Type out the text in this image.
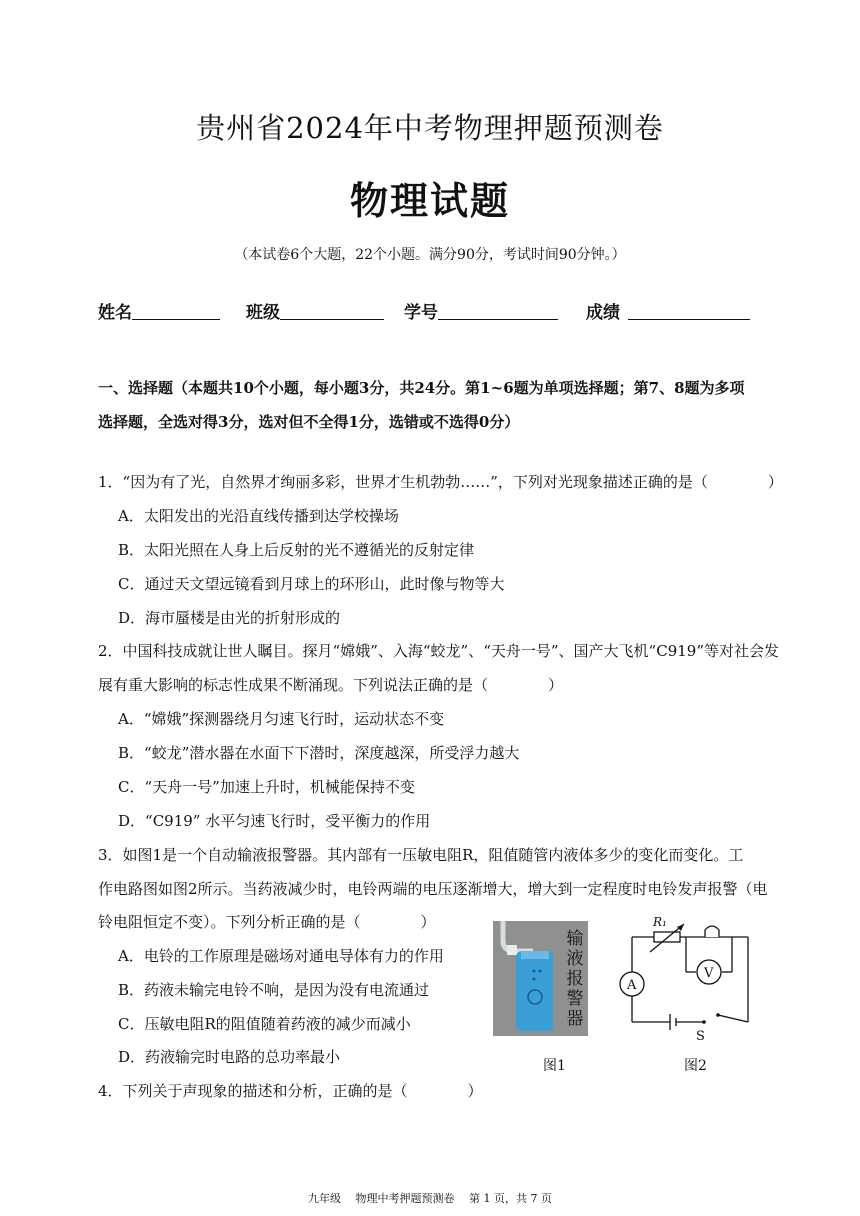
贵州省2024年中考物理押题预测卷
物理试题
（本试卷6个大题，22个小题。满分90分，考试时间90分钟。）
姓名	班级	学号	成绩
一、选择题（本题共10个小题，每小题3分，共24分。第1~6题为单项选择题；第7、8题为多项
选择题，全选对得3分，选对但不全得1分，选错或不选得0分）
1．“因为有了光，自然界才绚丽多彩，世界才生机勃勃……”，下列对光现象描述正确的是（　　　　）
A．太阳发出的光沿直线传播到达学校操场
B．太阳光照在人身上后反射的光不遵循光的反射定律
C．通过天文望远镜看到月球上的环形山，此时像与物等大
D．海市蜃楼是由光的折射形成的
2．中国科技成就让世人瞩目。探月“嫦娥”、入海“蛟龙”、“天舟一号”、国产大飞机“C919”等对社会发
展有重大影响的标志性成果不断涌现。下列说法正确的是（　　　　）
A．“嫦娥”探测器绕月匀速飞行时，运动状态不变
B．“蛟龙”潜水器在水面下下潜时，深度越深，所受浮力越大
C．“天舟一号”加速上升时，机械能保持不变
D．“C919” 水平匀速飞行时，受平衡力的作用
3．如图1是一个自动输液报警器。其内部有一压敏电阻R，阻值随管内液体多少的变化而变化。工
作电路图如图2所示。当药液减少时，电铃两端的电压逐渐增大，增大到一定程度时电铃发声报警（电
铃电阻恒定不变）。下列分析正确的是（　　　　）
A．电铃的工作原理是磁场对通电导体有力的作用
B．药液未输完电铃不响，是因为没有电流通过
C．压敏电阻R的阻值随着药液的减少而减小
D．药液输完时电路的总功率最小
输液报警器
图1
R₁
A
V
S
图2
4．下列关于声现象的描述和分析，正确的是（　　　　）
九年级　 物理中考押题预测卷　 第 1 页，共 7 页
